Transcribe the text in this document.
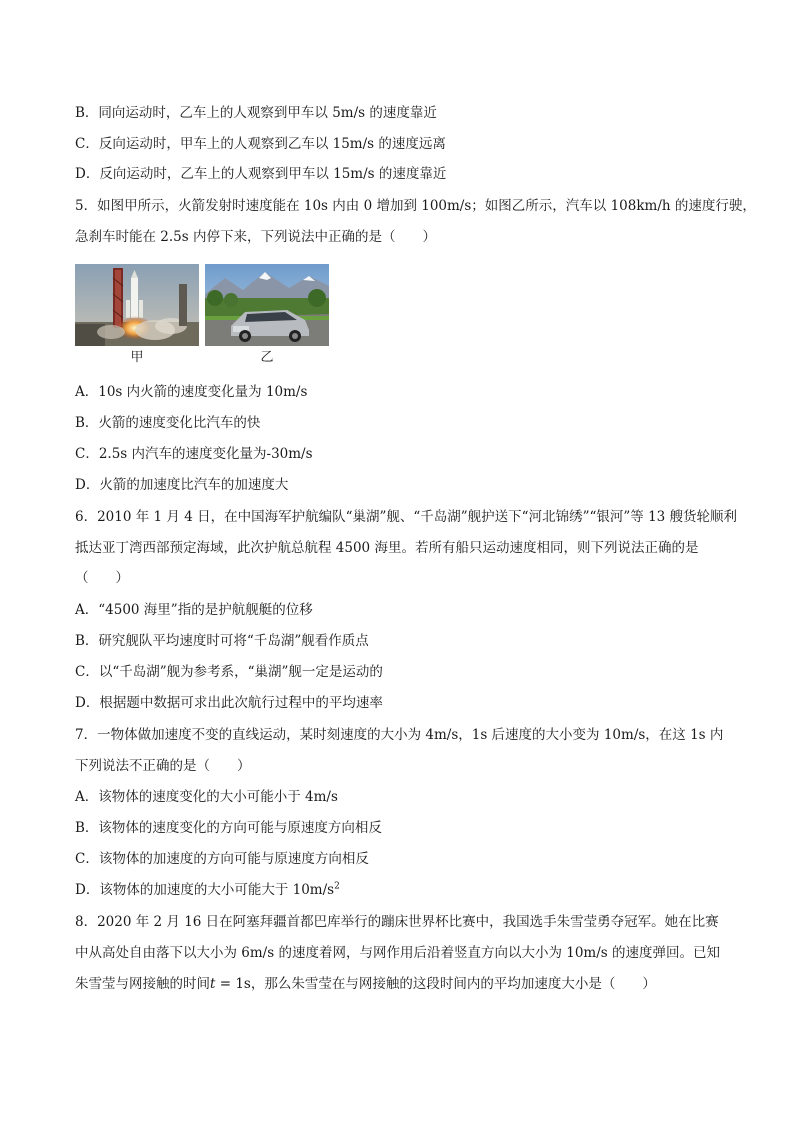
B．同向运动时，乙车上的人观察到甲车以 5m/s 的速度靠近
C．反向运动时，甲车上的人观察到乙车以 15m/s 的速度远离
D．反向运动时，乙车上的人观察到甲车以 15m/s 的速度靠近
5．如图甲所示，火箭发射时速度能在 10s 内由 0 增加到 100m/s；如图乙所示，汽车以 108km/h 的速度行驶，
急刹车时能在 2.5s 内停下来，下列说法中正确的是（　　）
甲	乙
A．10s 内火箭的速度变化量为 10m/s
B．火箭的速度变化比汽车的快
C．2.5s 内汽车的速度变化量为-30m/s
D．火箭的加速度比汽车的加速度大
6．2010 年 1 月 4 日，在中国海军护航编队“巢湖”舰、“千岛湖”舰护送下“河北锦绣”“银河”等 13 艘货轮顺利
抵达亚丁湾西部预定海域，此次护航总航程 4500 海里。若所有船只运动速度相同，则下列说法正确的是
（　　）
A．“4500 海里”指的是护航舰艇的位移
B．研究舰队平均速度时可将“千岛湖”舰看作质点
C．以“千岛湖”舰为参考系，“巢湖”舰一定是运动的
D．根据题中数据可求出此次航行过程中的平均速率
7．一物体做加速度不变的直线运动，某时刻速度的大小为 4m/s，1s 后速度的大小变为 10m/s，在这 1s 内
下列说法不正确的是（　　）
A．该物体的速度变化的大小可能小于 4m/s
B．该物体的速度变化的方向可能与原速度方向相反
C．该物体的加速度的方向可能与原速度方向相反
D．该物体的加速度的大小可能大于 $10m/s^2$
8．2020 年 2 月 16 日在阿塞拜疆首都巴库举行的蹦床世界杯比赛中，我国选手朱雪莹勇夺冠军。她在比赛
中从高处自由落下以大小为 6m/s 的速度着网，与网作用后沿着竖直方向以大小为 10m/s 的速度弹回。已知
朱雪莹与网接触的时间t = 1s，那么朱雪莹在与网接触的这段时间内的平均加速度大小是（　　）
